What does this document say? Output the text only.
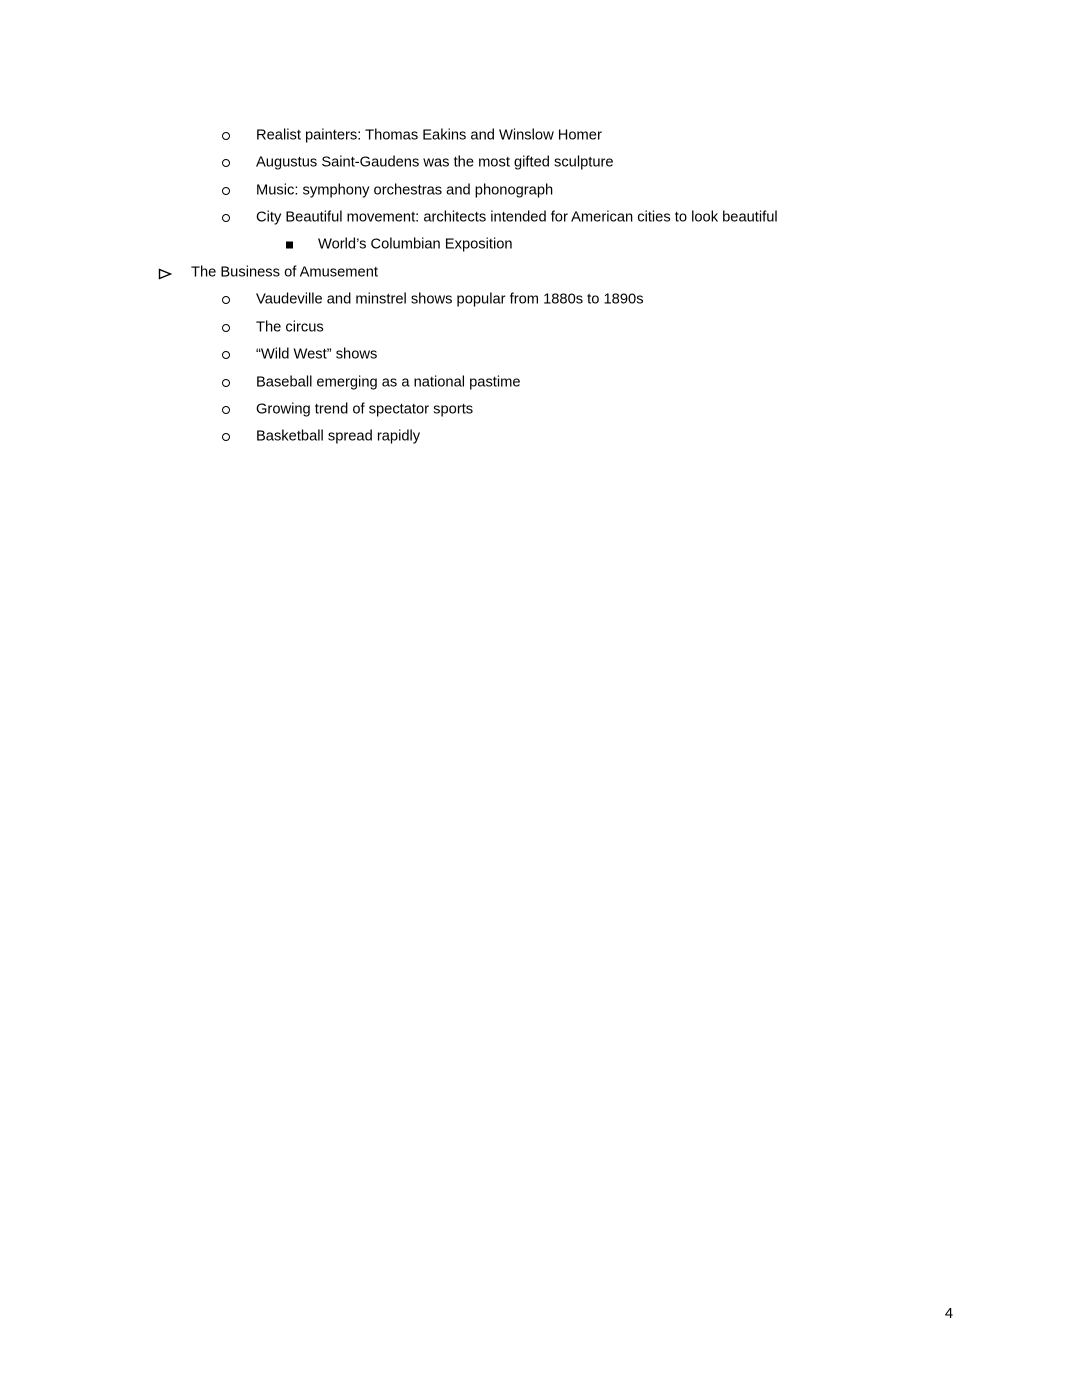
Realist painters: Thomas Eakins and Winslow Homer
Augustus Saint-Gaudens was the most gifted sculpture
Music: symphony orchestras and phonograph
City Beautiful movement: architects intended for American cities to look beautiful
World’s Columbian Exposition
The Business of Amusement
Vaudeville and minstrel shows popular from 1880s to 1890s
The circus
“Wild West” shows
Baseball emerging as a national pastime
Growing trend of spectator sports
Basketball spread rapidly
4
